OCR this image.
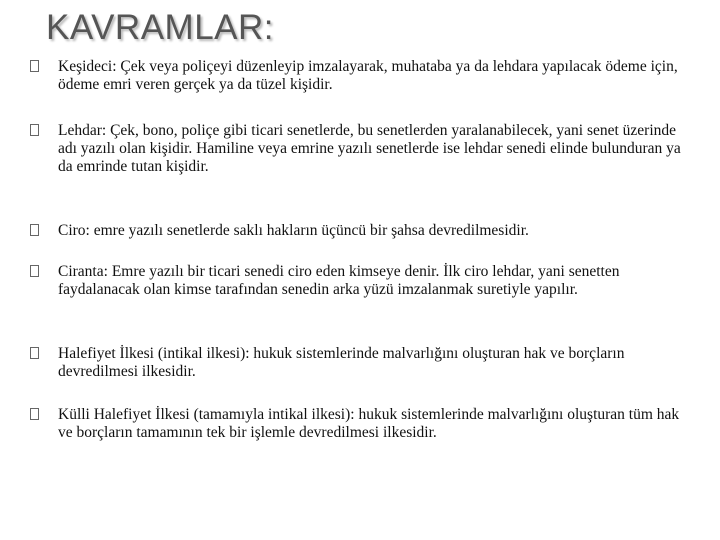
KAVRAMLAR:
Keşideci: Çek veya poliçeyi düzenleyip imzalayarak, muhataba ya da lehdara yapılacak ödeme için, ödeme emri veren gerçek ya da tüzel kişidir.
Lehdar: Çek, bono, poliçe gibi ticari senetlerde, bu senetlerden yaralanabilecek, yani senet üzerinde adı yazılı olan kişidir. Hamiline veya emrine yazılı senetlerde ise lehdar senedi elinde bulunduran ya da emrinde tutan kişidir.
Ciro: emre yazılı senetlerde saklı hakların üçüncü bir şahsa devredilmesidir.
Ciranta: Emre yazılı bir ticari senedi ciro eden kimseye denir. İlk ciro lehdar, yani senetten faydalanacak olan kimse tarafından senedin arka yüzü imzalanmak suretiyle yapılır.
Halefiyet İlkesi (intikal ilkesi): hukuk sistemlerinde malvarlığını oluşturan hak ve borçların devredilmesi ilkesidir.
Külli Halefiyet İlkesi (tamamıyla intikal ilkesi): hukuk sistemlerinde malvarlığını oluşturan tüm hak ve borçların tamamının tek bir işlemle devredilmesi ilkesidir.
